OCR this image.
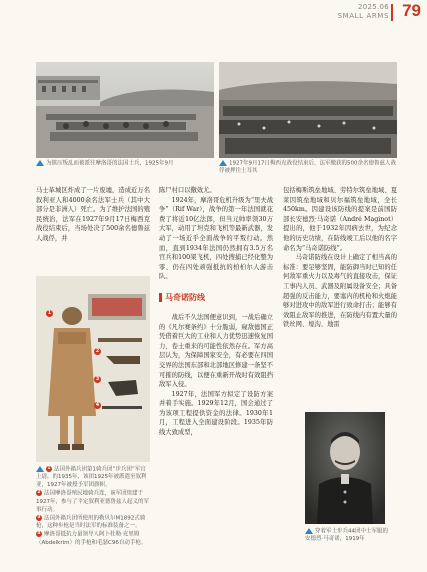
2025.06
SMALL ARMS 79
为镇压叛乱而被派往摩洛哥的法国士兵，1925年9月	1927年9月17日梅西克战役结束后，法军缴获的500余名德鲁兹人战俘被押往土耳其

马士革城区炸成了一片废墟，造成近万名叙利亚人和4000余名法军士兵（其中大部分是非洲人）死亡。为了维护法国的殖民统治，法军在1927年9月17日梅西克战役结束后，当场处决了500余名德鲁兹人战俘，并

1
2
3
4
1 法国外籍兵团第1骑兵团“步兵团”军官上尉，的1935年，该团1925年被派遣至叙利亚，1927年被授予军团旗帜。
2 法国摩洛哥殖民地骑兵连，该军团组建于1927年，参与了平定叙利亚德鲁兹人起义的军事行动。
3 法国外籍兵团所使用的勒贝尔M1892式骑枪，这种步枪是当时法军的标准装备之一。
4 摩洛哥抵抗力量领导人阿卜杜勒·克里姆（Abdelkrim）的手枪和毛瑟C96自动手枪。

陈尸村口以儆效尤。

1924年，摩洛哥危机升级为“里夫战争”（Rif War），战争的第一年法国就花费了将近10亿法郎，但当元帅率领30万大军，动用了坦克和飞机等最新武器，发动了一场近乎全面战争的平叛行动。然而，直到1934年法国仍然拥有3.5万名官兵和100架飞机，四处搜捕已经化整为零、仍在四处顽强抵抗的柏柏尔人游击队。

马奇诺防线

战后不久法国便意识到，一战后确立的《凡尔赛条约》十分脆弱，窥敌德国正凭借着巨大的工业和人力优势迅速恢复国力，卷土重来的可能性依然存在。军方高层认为，为保障国家安全，有必要在四国交界的法国东部和北部地区修建一条坚不可摧的防线，以便在重新开战时有效阻挡敌军入侵。

1927年，法国军方拟定了设防方案并着手实施。1929年12月，国会通过了为该项工程提供资金的法律。1930年1月，工程进入全面建设阶段。1935年防线大致成型，

包括梅斯筑垒地域、劳特尔筑垒地域、夏莱因筑垒地域和贝尔福筑垒地域，全长450km。因建设该防线的提案是前国防部长安德烈·马奇诺（André Maginot）提出的，他于1932年因病去世，为纪念他的历史功绩，在防线竣工后以他的名字命名为“马奇诺防线”。

马奇诺防线在设计上确定了相当高的标准：要足够坚固，能防御当时已知的任何敌军重火力以及毒气的直接攻击，保证工事内人员、武器及附属设备安全；具备超强的反击能力，要塞内的机枪和火炮能够对进攻中的敌军进行致命打击；能够有效阻止敌军的推进，在防线内有置大量的铁丝网、壕沟、地雷

穿着军士步兵44团中士军服的安德烈·马奇诺，1919年
